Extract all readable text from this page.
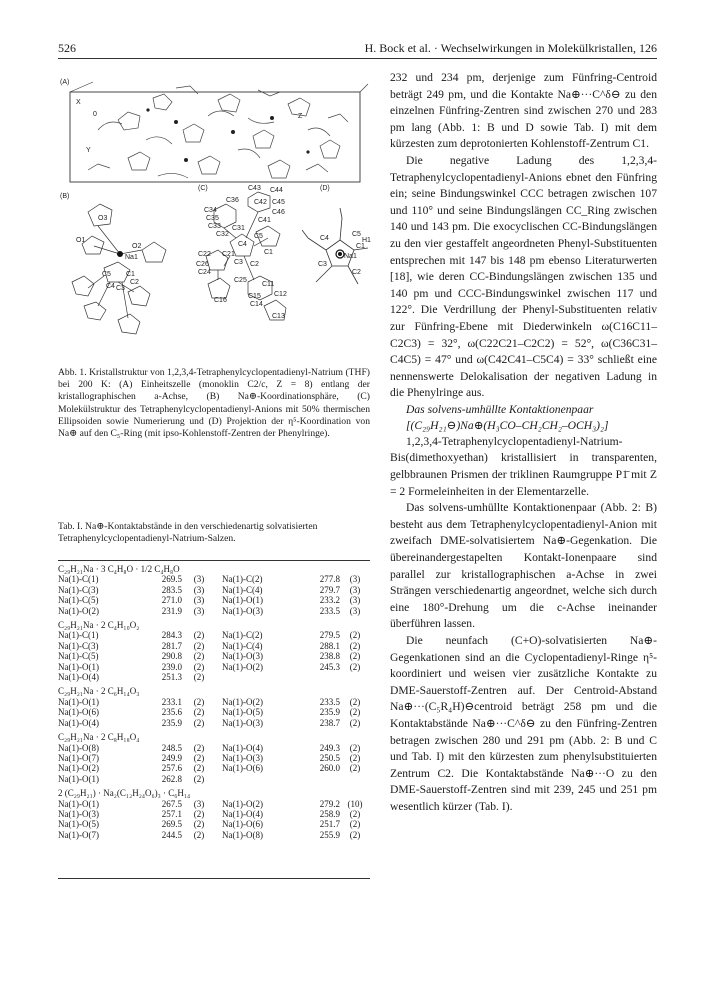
526	H. Bock et al. · Wechselwirkungen in Molekülkristallen, 126
(A)
X
0
Y
Z
(B)
O3
O1
O2
Na1
C5 C1
C2
C4 C3
(C)	C43 C44
C36 C42 C45
C46
C34
C35
C33
C32
C31
C41
C4
C5
C1
C3 C2
C21
C22
C26
C24
C25
C11
C12
C13
C14
C15
C16
(D)
Na1
C1
H1
C5
C4
C3
C2
Abb. 1. Kristallstruktur von 1,2,3,4-Tetraphenylcyclopentadienyl-Natrium (THF) bei 200 K: (A) Einheitszelle (monoklin C2/c, Z = 8) entlang der kristallographischen a-Achse, (B) Na⊕-Koordinationsphäre, (C) Molekülstruktur des Tetraphenylcyclopentadienyl-Anions mit 50% thermischen Ellipsoiden sowie Numerierung und (D) Projektion der η⁵-Koordination von Na⊕ auf den C₅-Ring (mit ipso-Kohlenstoff-Zentren der Phenylringe).
Tab. I. Na⊕-Kontaktabstände in den verschiedenartig solvatisierten Tetraphenylcyclopentadienyl-Natrium-Salzen.
C₂₉H₂₁Na · 3 C₄H₈O · 1/2 C₄H₈O
Na(1)-C(1)	269.5	(3)	Na(1)-C(2)	277.8	(3)
Na(1)-C(3)	283.5	(3)	Na(1)-C(4)	279.7	(3)
Na(1)-C(5)	271.0	(3)	Na(1)-O(1)	233.2	(3)
Na(1)-O(2)	231.9	(3)	Na(1)-O(3)	233.5	(3)
C₂₉H₂₁Na · 2 C₄H₁₀O₂
Na(1)-C(1)	284.3	(2)	Na(1)-C(2)	279.5	(2)
Na(1)-C(3)	281.7	(2)	Na(1)-C(4)	288.1	(2)
Na(1)-C(5)	290.8	(2)	Na(1)-O(3)	238.8	(2)
Na(1)-O(1)	239.0	(2)	Na(1)-O(2)	245.3	(2)
Na(1)-O(4)	251.3	(2)
C₂₉H₂₁Na · 2 C₆H₁₄O₃
Na(1)-O(1)	233.1	(2)	Na(1)-O(2)	233.5	(2)
Na(1)-O(6)	235.6	(2)	Na(1)-O(5)	235.9	(2)
Na(1)-O(4)	235.9	(2)	Na(1)-O(3)	238.7	(2)
C₂₉H₂₁Na · 2 C₈H₁₈O₄
Na(1)-O(8)	248.5	(2)	Na(1)-O(4)	249.3	(2)
Na(1)-O(7)	249.9	(2)	Na(1)-O(3)	250.5	(2)
Na(1)-O(2)	257.6	(2)	Na(1)-O(6)	260.0	(2)
Na(1)-O(1)	262.8	(2)
2 (C₂₉H₂₁) · Na₂(C₁₂H₂₄O₆)₃ · C₆H₁₄
Na(1)-O(1)	267.5	(3)	Na(1)-O(2)	279.2 (10)
Na(1)-O(3)	257.1	(2)	Na(1)-O(4)	258.9	(2)
Na(1)-O(5)	269.5	(2)	Na(1)-O(6)	251.7	(2)
Na(1)-O(7)	244.5	(2)	Na(1)-O(8)	255.9	(2)

232 und 234 pm, derjenige zum Fünfring-Centroid beträgt 249 pm, und die Kontakte Na⊕···C^δ⊖ zu den einzelnen Fünfring-Zentren sind zwischen 270 und 283 pm lang (Abb. 1: B und D sowie Tab. I) mit dem kürzesten zum deprotonierten Kohlenstoff-Zentrum C1.

Die negative Ladung des 1,2,3,4-Tetraphenylcyclopentadienyl-Anions ebnet den Fünfring ein; seine Bindungswinkel CCC betragen zwischen 107 und 110° und seine Bindungslängen CC_Ring zwischen 140 und 143 pm. Die exocyclischen CC-Bindungslängen zu den vier gestaffelt angeordneten Phenyl-Substituenten entsprechen mit 147 bis 148 pm ebenso Literaturwerten [18], wie deren CC-Bindungslängen zwischen 135 und 140 pm und CCC-Bindungswinkel zwischen 117 und 122°. Die Verdrillung der Phenyl-Substituenten relativ zur Fünfring-Ebene mit Diederwinkeln ω(C16C11–C2C3) = 32°, ω(C22C21–C2C2) = 52°, ω(C36C31–C4C5) = 47° und ω(C42C41–C5C4) = 33° schließt eine nennenswerte Delokalisation der negativen Ladung in die Phenylringe aus.

Das solvens-umhüllte Kontaktionenpaar

[(C₂₉H₂₁⊖)Na⊕(H₃CO–CH₂CH₂–OCH₃)₂]

1,2,3,4-Tetraphenylcyclopentadienyl-Natrium-Bis(dimethoxyethan) kristallisiert in transparenten, gelbbraunen Prismen der triklinen Raumgruppe P1̄ mit Z = 2 Formeleinheiten in der Elementarzelle.

Das solvens-umhüllte Kontaktionenpaar (Abb. 2: B) besteht aus dem Tetraphenylcyclopentadienyl-Anion mit zweifach DME-solvatisiertem Na⊕-Gegenkation. Die übereinandergestapelten Kontakt-Ionenpaare sind parallel zur kristallographischen a-Achse in zwei Strängen verschiedenartig angeordnet, welche sich durch eine 180°-Drehung um die c-Achse ineinander überführen lassen.

Die neunfach (C+O)-solvatisierten Na⊕-Gegenkationen sind an die Cyclopentadienyl-Ringe η⁵-koordiniert und weisen vier zusätzliche Kontakte zu DME-Sauerstoff-Zentren auf. Der Centroid-Abstand Na⊕···(C₅R₄H)⊖centroid beträgt 258 pm und die Kontaktabstände Na⊕···C^δ⊖ zu den Fünfring-Zentren betragen zwischen 280 und 291 pm (Abb. 2: B und C und Tab. I) mit den kürzesten zum phenylsubstituierten Zentrum C2. Die Kontaktabstände Na⊕···O zu den DME-Sauerstoff-Zentren sind mit 239, 245 und 251 pm wesentlich kürzer (Tab. I).
